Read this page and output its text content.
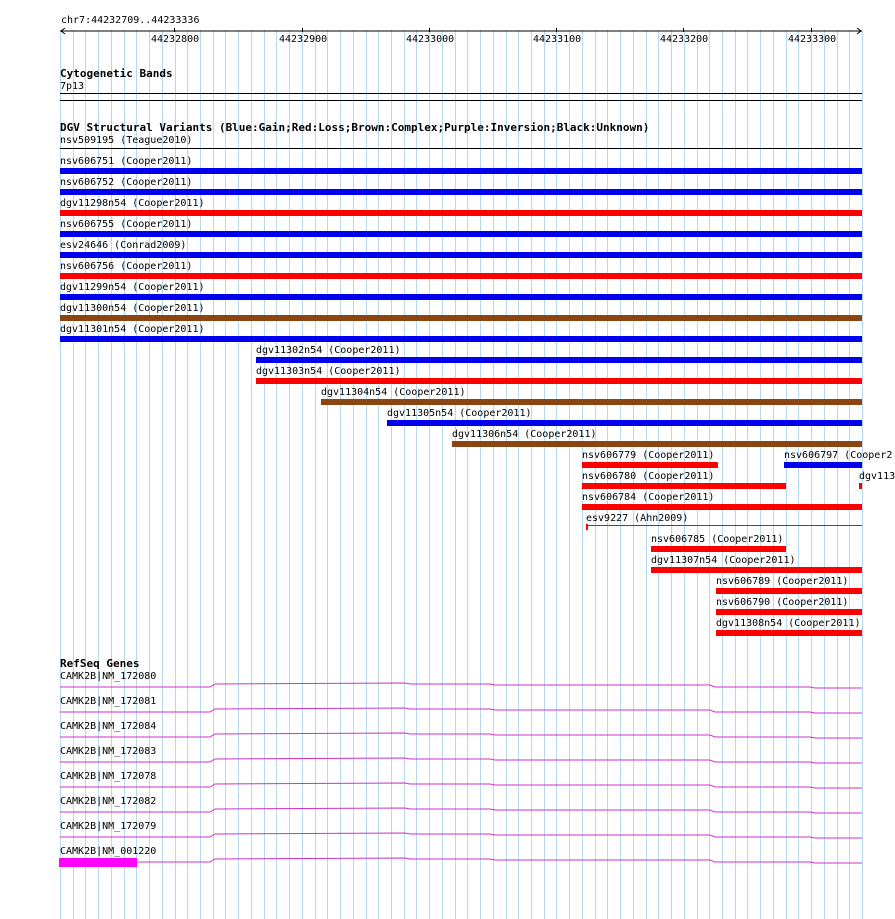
chr7:44232709..44233336
44232800	44232900	44233000	44233100	44233200	44233300
Cytogenetic Bands
7p13
DGV Structural Variants (Blue:Gain;Red:Loss;Brown:Complex;Purple:Inversion;Black:Unknown)
nsv509195 (Teague2010)
nsv606751 (Cooper2011)
nsv606752 (Cooper2011)
dgv11298n54 (Cooper2011)
nsv606755 (Cooper2011)
esv24646 (Conrad2009)
nsv606756 (Cooper2011)
dgv11299n54 (Cooper2011)
dgv11300n54 (Cooper2011)
dgv11301n54 (Cooper2011)
dgv11302n54 (Cooper2011)
dgv11303n54 (Cooper2011)
dgv11304n54 (Cooper2011)
dgv11305n54 (Cooper2011)
dgv11306n54 (Cooper2011)
nsv606779 (Cooper2011)	nsv606797 (Cooper2
nsv606780 (Cooper2011)	dgv113
nsv606784 (Cooper2011)
esv9227 (Ahn2009)
nsv606785 (Cooper2011)
dgv11307n54 (Cooper2011)
nsv606789 (Cooper2011)
nsv606790 (Cooper2011)
dgv11308n54 (Cooper2011)
RefSeq Genes
CAMK2B|NM_172080
CAMK2B|NM_172081
CAMK2B|NM_172084
CAMK2B|NM_172083
CAMK2B|NM_172078
CAMK2B|NM_172082
CAMK2B|NM_172079
CAMK2B|NM_001220
